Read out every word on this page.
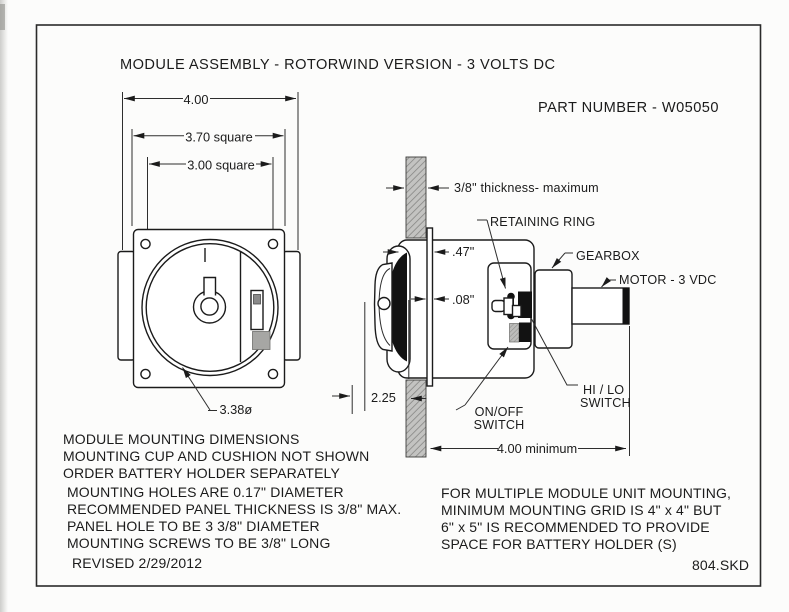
MODULE ASSEMBLY - ROTORWIND VERSION - 3 VOLTS DC
PART NUMBER - W05050
4.00
3.70 square
3.00 square
3.38ø
3/8" thickness- maximum
.47"
.08"
2.25
4.00 minimum
RETAINING RING
GEARBOX
MOTOR - 3 VDC
HI / LO
SWITCH
ON/OFF
SWITCH
MODULE MOUNTING DIMENSIONS
MOUNTING CUP AND CUSHION NOT SHOWN
ORDER BATTERY HOLDER SEPARATELY
MOUNTING HOLES ARE 0.17" DIAMETER
RECOMMENDED PANEL THICKNESS IS 3/8" MAX.
PANEL HOLE TO BE 3 3/8" DIAMETER
MOUNTING SCREWS TO BE 3/8" LONG
FOR MULTIPLE MODULE UNIT MOUNTING,
MINIMUM MOUNTING GRID IS 4" x 4" BUT
6" x 5" IS RECOMMENDED TO PROVIDE
SPACE FOR BATTERY HOLDER (S)
REVISED 2/29/2012	804.SKD
